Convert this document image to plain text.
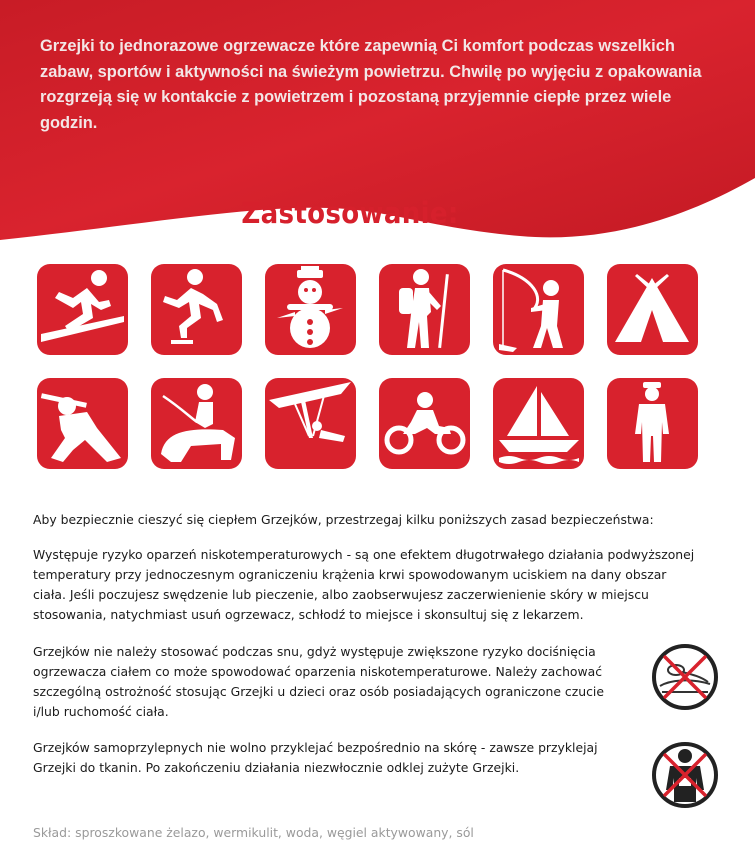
Grzejki to jednorazowe ogrzewacze które zapewnią Ci komfort podczas wszelkich zabaw, sportów i aktywności na świeżym powietrzu. Chwilę po wyjęciu z opakowania rozgrzeją się w kontakcie z powietrzem i pozostaną przyjemnie ciepłe przez wiele godzin.

Zastosowanie:

Aby bezpiecznie cieszyć się ciepłem Grzejków, przestrzegaj kilku poniższych zasad bezpieczeństwa:

Występuje ryzyko oparzeń niskotemperaturowych - są one efektem długotrwałego działania podwyższonej temperatury przy jednoczesnym ograniczeniu krążenia krwi spowodowanym uciskiem na dany obszar ciała. Jeśli poczujesz swędzenie lub pieczenie, albo zaobserwujesz zaczerwienienie skóry w miejscu stosowania, natychmiast usuń ogrzewacz, schłodź to miejsce i skonsultuj się z lekarzem.

Grzejków nie należy stosować podczas snu, gdyż występuje zwiększone ryzyko dociśnięcia ogrzewacza ciałem co może spowodować oparzenia niskotemperaturowe. Należy zachować szczególną ostrożność stosując Grzejki u dzieci oraz osób posiadających ograniczone czucie i/lub ruchomość ciała.

Grzejków samoprzylepnych nie wolno przyklejać bezpośrednio na skórę - zawsze przyklejaj Grzejki do tkanin. Po zakończeniu działania niezwłocznie odklej zużyte Grzejki.

Skład: sproszkowane żelazo, wermikulit, woda, węgiel aktywowany, sól
